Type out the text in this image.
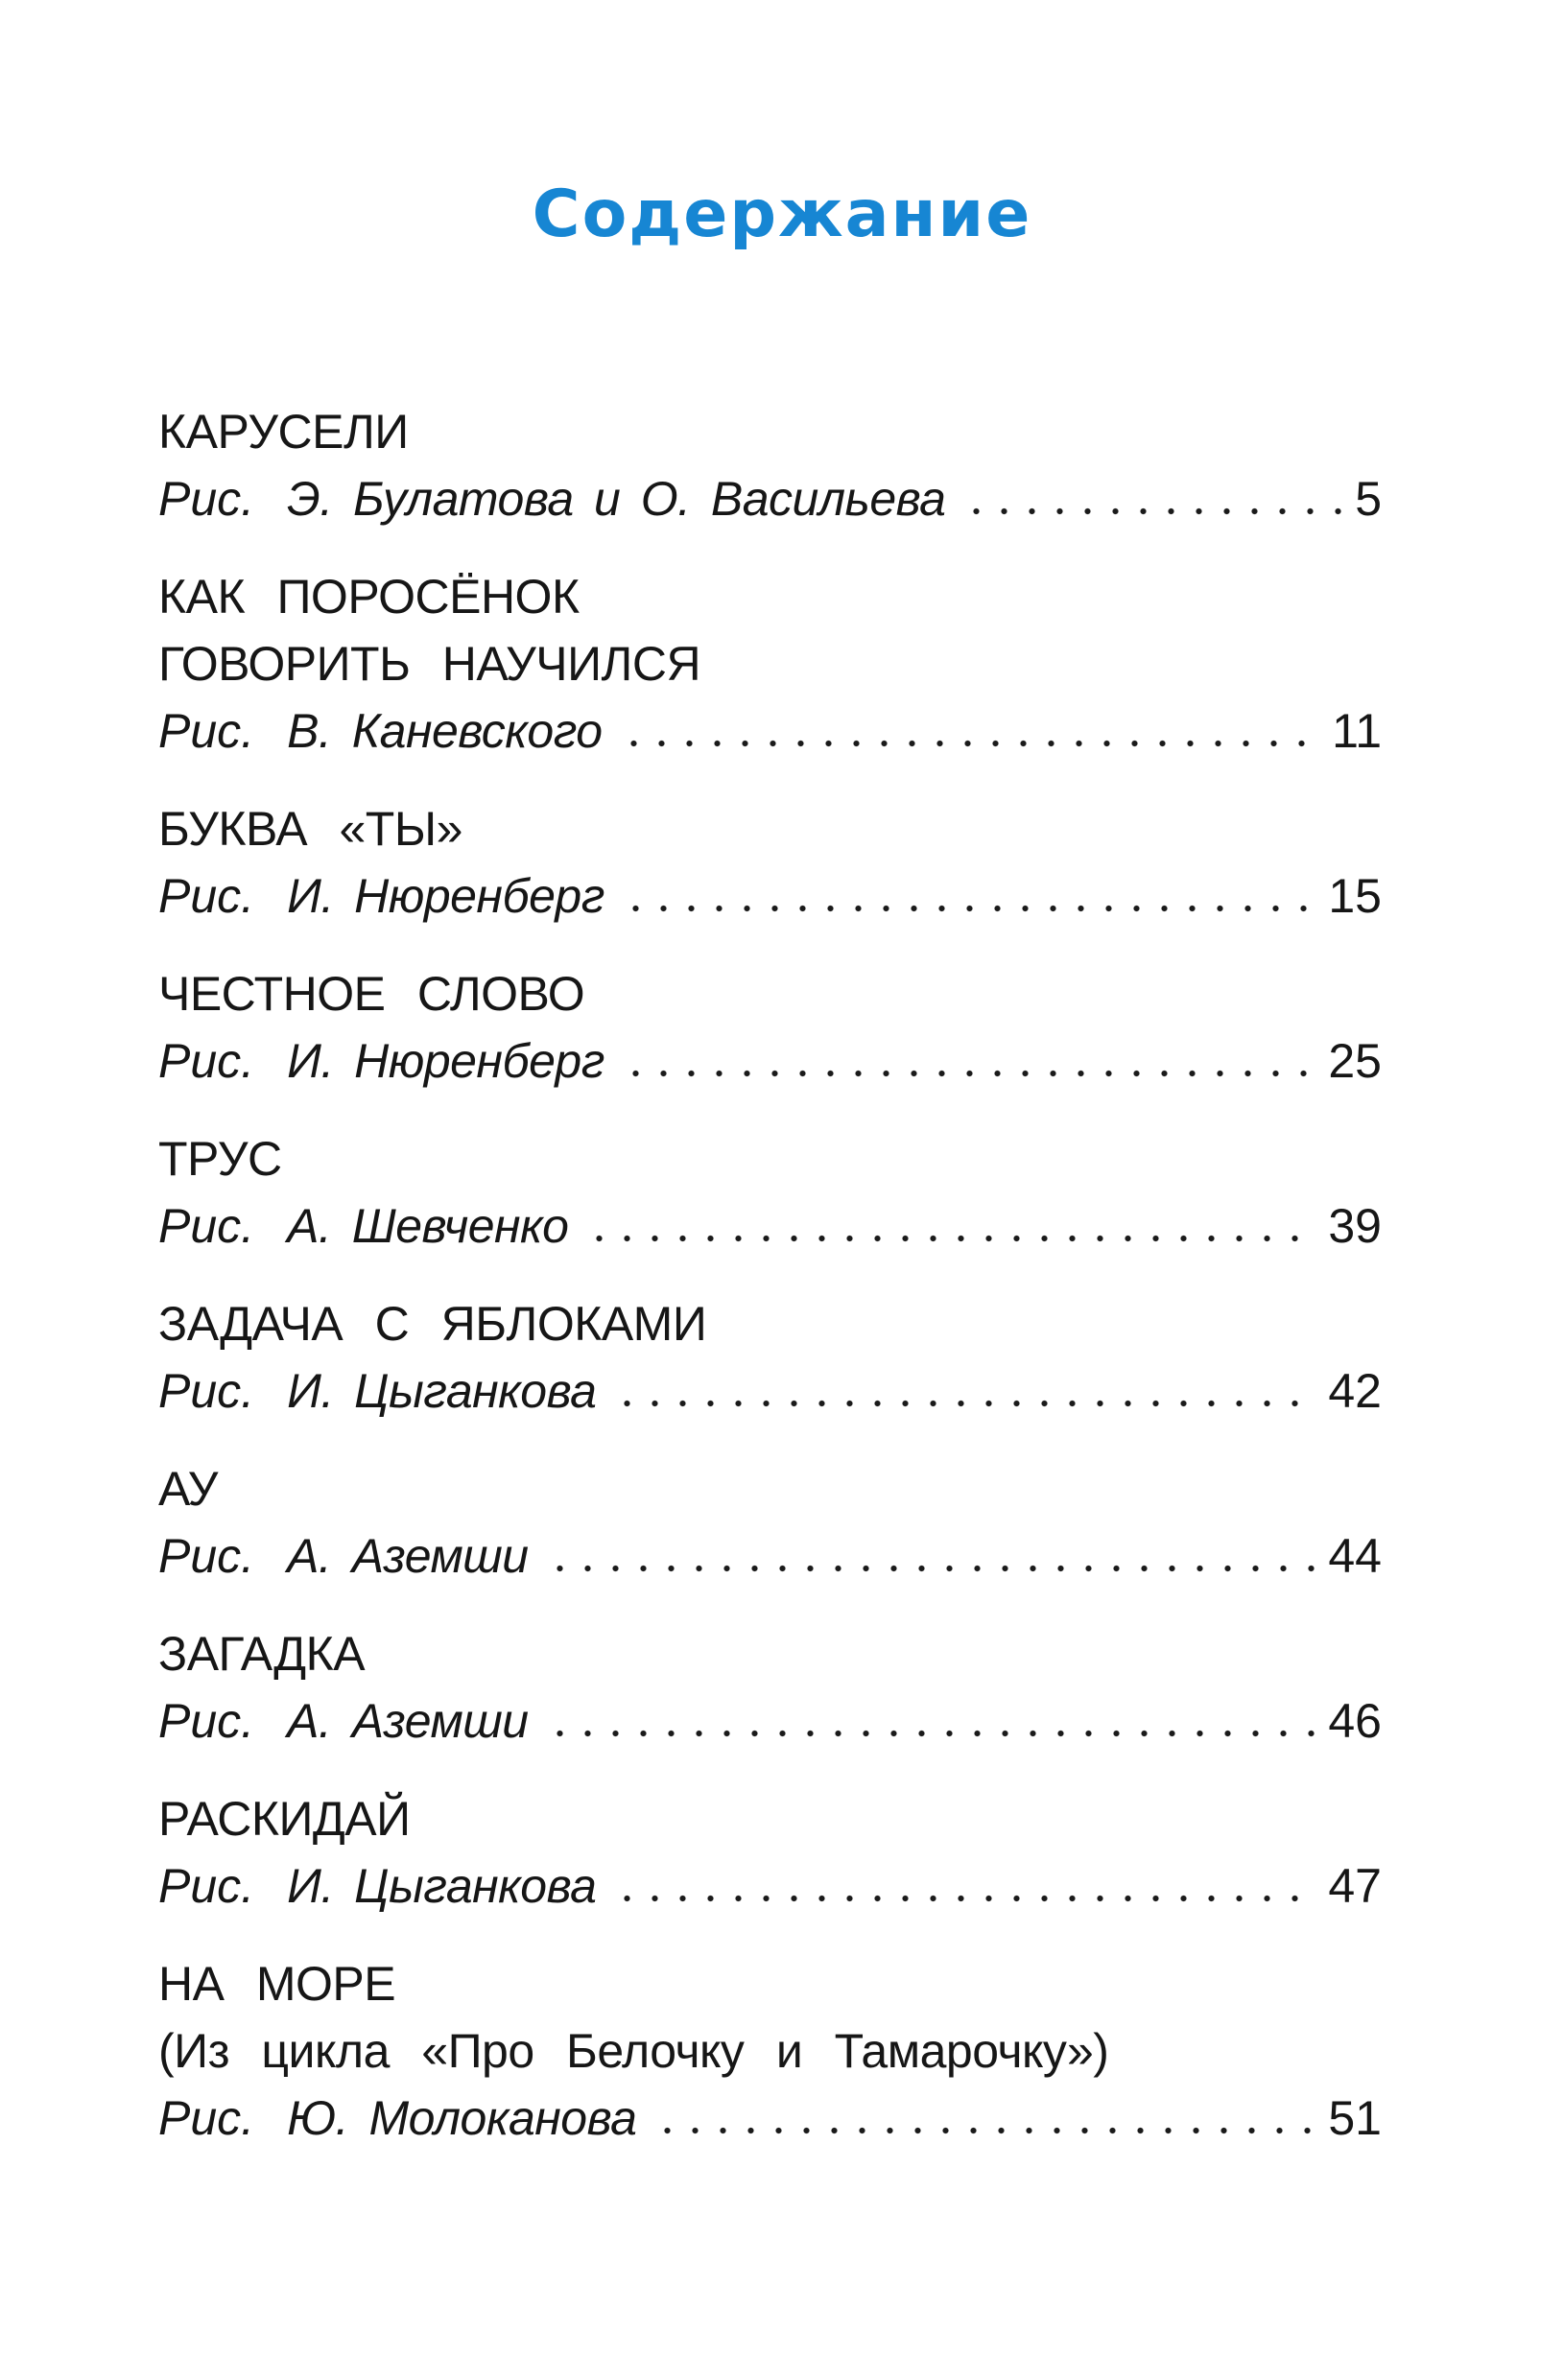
Содержание
КАРУСЕЛИ
Рис. Э. Булатова и О. Васильева	5
КАК ПОРОСЁНОК
ГОВОРИТЬ НАУЧИЛСЯ
Рис. В. Каневского	11
БУКВА «ТЫ»
Рис. И. Нюренберг	15
ЧЕСТНОЕ СЛОВО
Рис. И. Нюренберг	25
ТРУС
Рис. А. Шевченко	39
ЗАДАЧА С ЯБЛОКАМИ
Рис. И. Цыганкова	42
АУ
Рис. А. Аземши	44
ЗАГАДКА
Рис. А. Аземши	46
РАСКИДАЙ
Рис. И. Цыганкова	47
НА МОРЕ
(Из цикла «Про Белочку и Тамарочку»)
Рис. Ю. Молоканова	51
